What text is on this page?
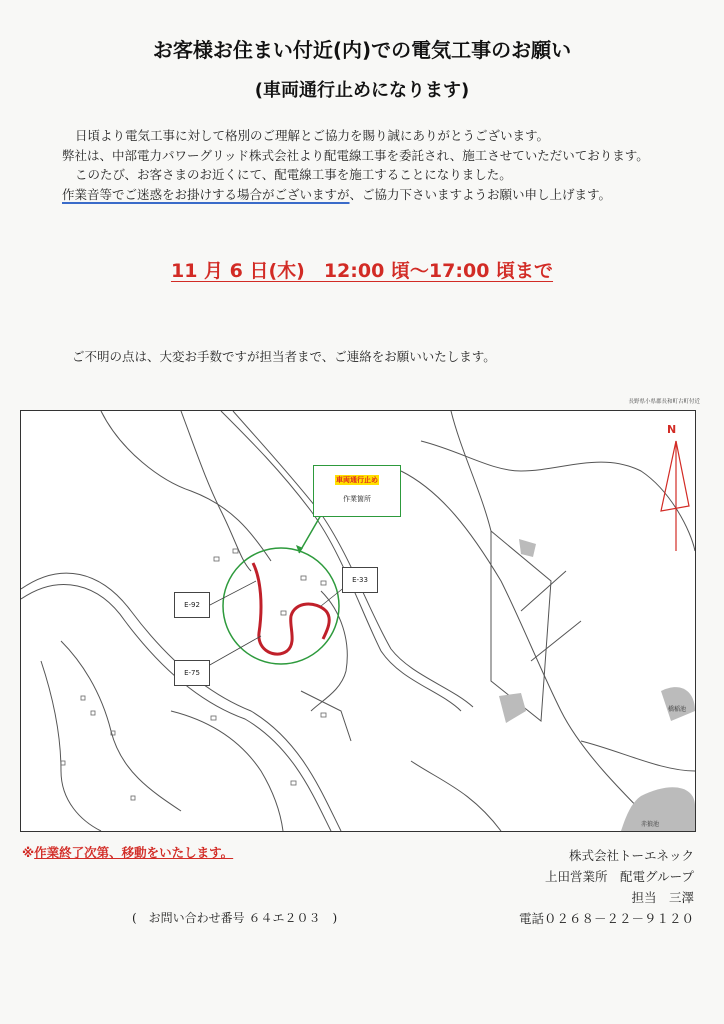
お客様お住まい付近(内)での電気工事のお願い
(車両通行止めになります)

日頃より電気工事に対して格別のご理解とご協力を賜り誠にありがとうございます。

弊社は、中部電力パワーグリッド株式会社より配電線工事を委託され、施工させていただいております。

このたび、お客さまのお近くにて、配電線工事を施工することになりました。

作業音等でご迷惑をお掛けする場合がございますが、ご協力下さいますようお願い申し上げます。

11 月 6 日(木)　12:00 頃～17:00 頃まで
ご不明の点は、大変お手数ですが担当者まで、ご連絡をお願いいたします。
長野県小県郡長和町古町付近
N
車両通行止め
作業箇所
E-92
E-33
E-75
橋稲池
赤狼池
※作業終了次第、移動をいたします。	株式会社トーエネック
上田営業所　配電グループ
担当　三澤
電話０２６８－２２－９１２０
(　お問い合わせ番号 ６４エ２０３　)
